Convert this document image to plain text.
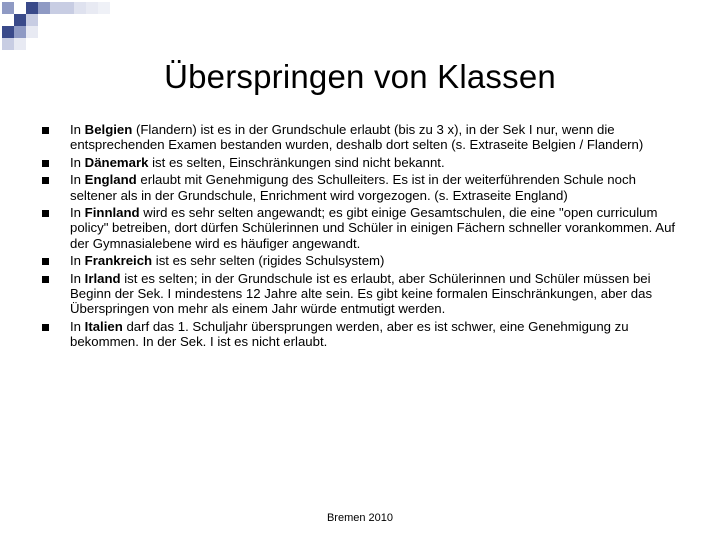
Überspringen von Klassen
In Belgien (Flandern) ist es in der Grundschule erlaubt (bis zu 3 x), in der Sek I nur, wenn die entsprechenden Examen bestanden wurden, deshalb dort selten (s. Extraseite Belgien / Flandern)
In Dänemark ist es selten, Einschränkungen sind nicht bekannt.
In England erlaubt mit Genehmigung des Schulleiters. Es ist in der weiterführenden Schule noch seltener als in der Grundschule, Enrichment wird vorgezogen. (s. Extraseite England)
In Finnland wird es sehr selten angewandt; es gibt einige Gesamtschulen, die eine "open curriculum policy" betreiben, dort dürfen Schülerinnen und Schüler in einigen Fächern schneller vorankommen. Auf der Gymnasialebene wird es häufiger angewandt.
In Frankreich ist es sehr selten (rigides Schulsystem)
In Irland ist es selten; in der Grundschule ist es erlaubt, aber Schülerinnen und Schüler müssen bei Beginn der Sek. I mindestens 12 Jahre alte sein. Es gibt keine formalen Einschränkungen, aber das Überspringen von mehr als einem Jahr würde entmutigt werden.
In Italien darf das 1. Schuljahr übersprungen werden, aber es ist schwer, eine Genehmigung zu bekommen. In der Sek. I ist es nicht erlaubt.
Bremen 2010
